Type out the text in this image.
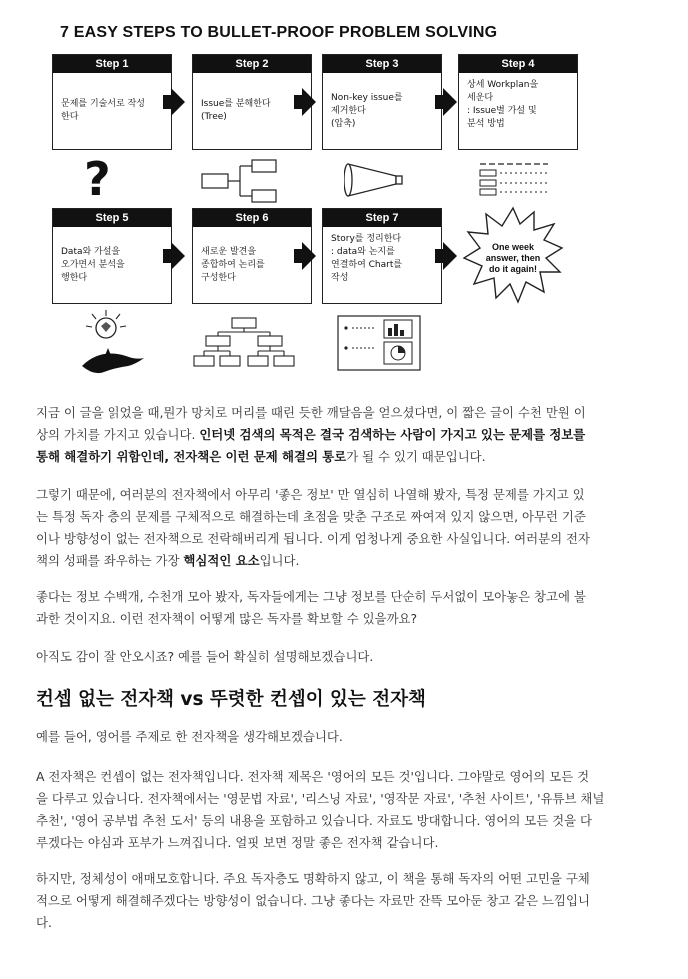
7 EASY STEPS TO BULLET-PROOF PROBLEM SOLVING
Step 1
문제를 기술서로 작성
한다
Step 2
Issue를 분해한다
(Tree)
Step 3
Non-key issue를
제거한다
(압축)
Step 4
상세 Workplan을
세운다
: Issue별 가설 및
분석 방법
?
Step 5
Data와 가설을
오가면서 분석을
행한다
Step 6
새로운 발견을
종합하여 논리를
구성한다
Step 7
Story를 정리한다
: data와 논지를
연결하여 Chart를
작성
One week
answer, then
do it again!
지금 이 글을 읽었을 때,뭔가 망치로 머리를 때린 듯한 깨달음을 얻으셨다면, 이 짧은 글이 수천 만원 이
상의 가치를 가지고 있습니다. 인터넷 검색의 목적은 결국 검색하는 사람이 가지고 있는 문제를 정보를
통해 해결하기 위함인데, 전자책은 이런 문제 해결의 통로가 될 수 있기 때문입니다.
그렇기 때문에, 여러분의 전자책에서 아무리 '좋은 정보' 만 열심히 나열해 봤자, 특정 문제를 가지고 있
는 특정 독자 층의 문제를 구체적으로 해결하는데 초점을 맞춘 구조로 짜여져 있지 않으면, 아무런 기준
이나 방향성이 없는 전자책으로 전락해버리게 됩니다. 이게 엄청나게 중요한 사실입니다. 여러분의 전자
책의 성패를 좌우하는 가장 핵심적인 요소입니다.
좋다는 정보 수백개, 수천개 모아 봤자, 독자들에게는 그냥 정보를 단순히 두서없이 모아놓은 창고에 불
과한 것이지요. 이런 전자책이 어떻게 많은 독자를 확보할 수 있을까요?
아직도 감이 잘 안오시죠? 예를 들어 확실히 설명해보겠습니다.
컨셉 없는 전자책 vs 뚜렷한 컨셉이 있는 전자책
예를 들어, 영어를 주제로 한 전자책을 생각해보겠습니다.
A 전자책은 컨셉이 없는 전자책입니다. 전자책 제목은 '영어의 모든 것'입니다. 그야말로 영어의 모든 것
을 다루고 있습니다. 전자책에서는 '영문법 자료', '리스닝 자료', '영작문 자료', '추천 사이트', '유튜브 채널
추천', '영어 공부법 추천 도서' 등의 내용을 포함하고 있습니다. 자료도 방대합니다. 영어의 모든 것을 다
루겠다는 야심과 포부가 느껴집니다. 얼핏 보면 정말 좋은 전자책 같습니다.
하지만, 정체성이 애매모호합니다. 주요 독자층도 명확하지 않고, 이 책을 통해 독자의 어떤 고민을 구체
적으로 어떻게 해결해주겠다는 방향성이 없습니다. 그냥 좋다는 자료만 잔뜩 모아둔 창고 같은 느낌입니
다.
